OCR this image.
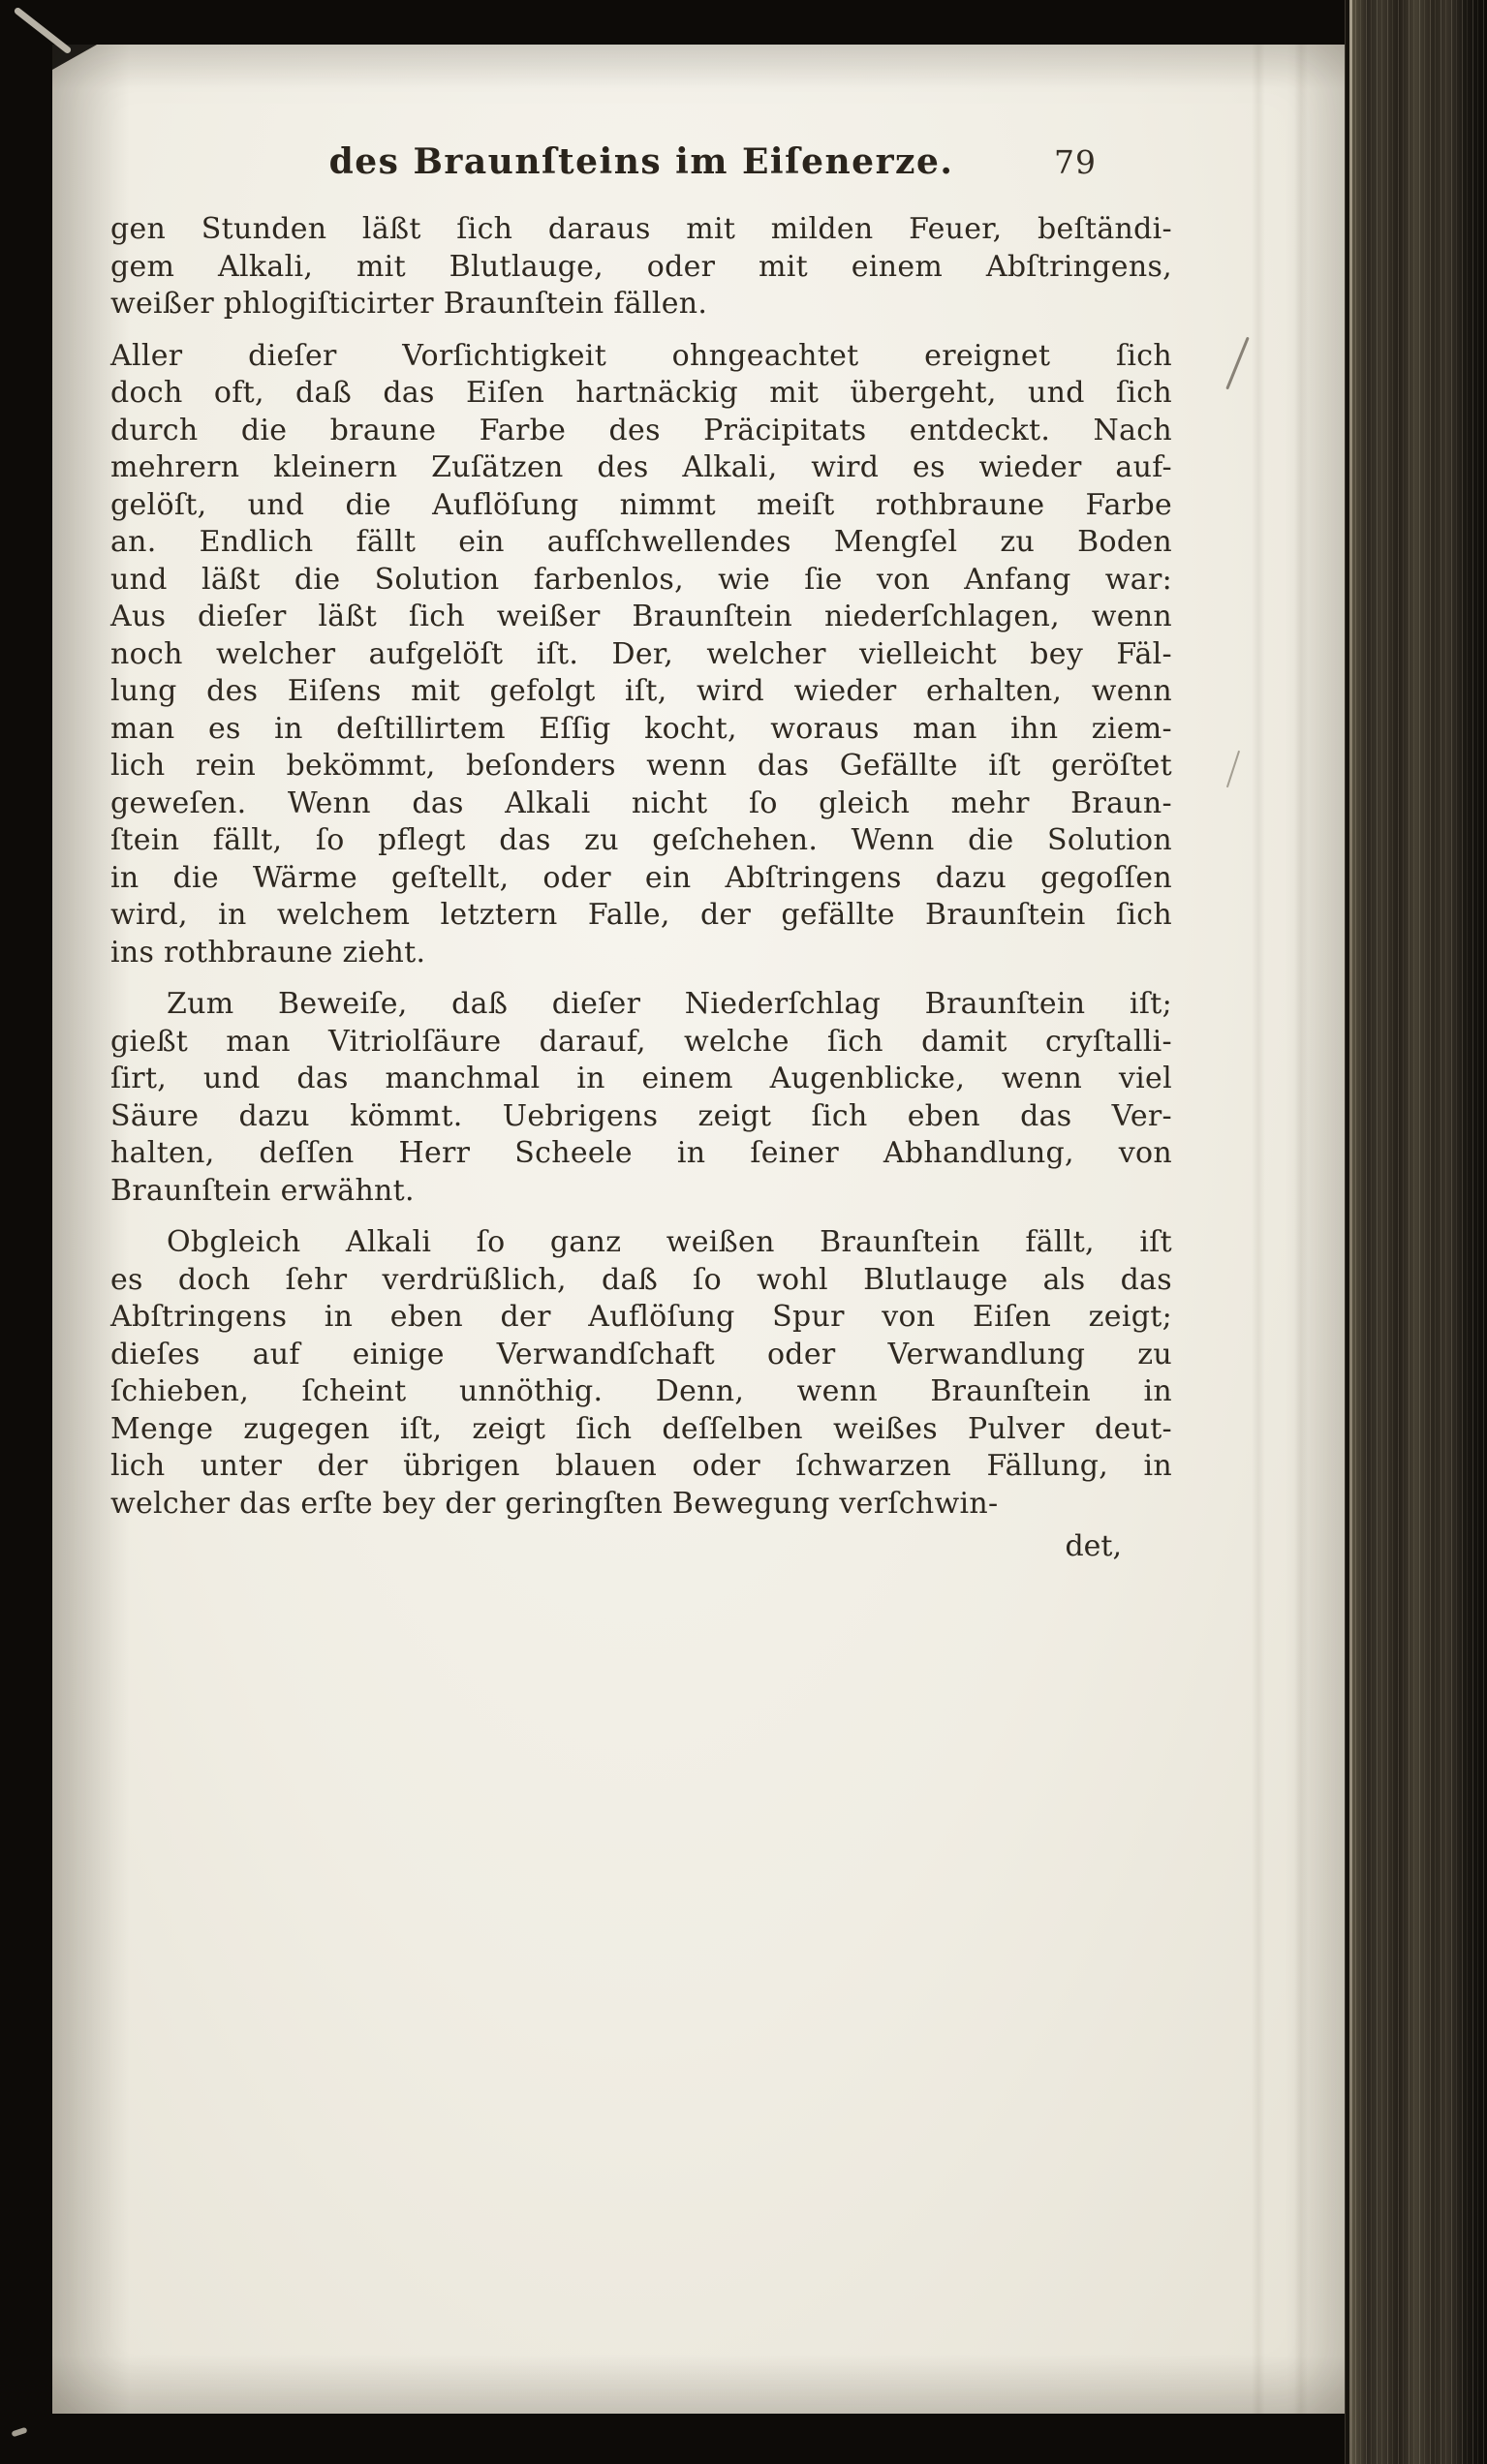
des Braunſteins im Eiſenerze.	79
gen Stunden läßt ſich daraus mit milden Feuer, beſtändi-
gem Alkali, mit Blutlauge, oder mit einem Abſtringens,
weißer phlogiſticirter Braunſtein fällen.
Aller dieſer Vorſichtigkeit ohngeachtet ereignet ſich
doch oft, daß das Eiſen hartnäckig mit übergeht, und ſich
durch die braune Farbe des Präcipitats entdeckt. Nach
mehrern kleinern Zuſätzen des Alkali, wird es wieder auf-
gelöſt, und die Auflöſung nimmt meiſt rothbraune Farbe
an. Endlich fällt ein aufſchwellendes Mengſel zu Boden
und läßt die Solution farbenlos, wie ſie von Anfang war:
Aus dieſer läßt ſich weißer Braunſtein niederſchlagen, wenn
noch welcher aufgelöſt iſt. Der, welcher vielleicht bey Fäl-
lung des Eiſens mit gefolgt iſt, wird wieder erhalten, wenn
man es in deſtillirtem Eſſig kocht, woraus man ihn ziem-
lich rein bekömmt, beſonders wenn das Gefällte iſt geröſtet
geweſen. Wenn das Alkali nicht ſo gleich mehr Braun-
ſtein fällt, ſo pflegt das zu geſchehen. Wenn die Solution
in die Wärme geſtellt, oder ein Abſtringens dazu gegoſſen
wird, in welchem letztern Falle, der gefällte Braunſtein ſich
ins rothbraune zieht.
Zum Beweiſe, daß dieſer Niederſchlag Braunſtein iſt;
gießt man Vitriolſäure darauf, welche ſich damit cryſtalli-
ſirt, und das manchmal in einem Augenblicke, wenn viel
Säure dazu kömmt. Uebrigens zeigt ſich eben das Ver-
halten, deſſen Herr Scheele in ſeiner Abhandlung, von
Braunſtein erwähnt.
Obgleich Alkali ſo ganz weißen Braunſtein fällt, iſt
es doch ſehr verdrüßlich, daß ſo wohl Blutlauge als das
Abſtringens in eben der Auflöſung Spur von Eiſen zeigt;
dieſes auf einige Verwandſchaft oder Verwandlung zu
ſchieben, ſcheint unnöthig. Denn, wenn Braunſtein in
Menge zugegen iſt, zeigt ſich deſſelben weißes Pulver deut-
lich unter der übrigen blauen oder ſchwarzen Fällung, in
welcher das erſte bey der geringſten Bewegung verſchwin-
det,
